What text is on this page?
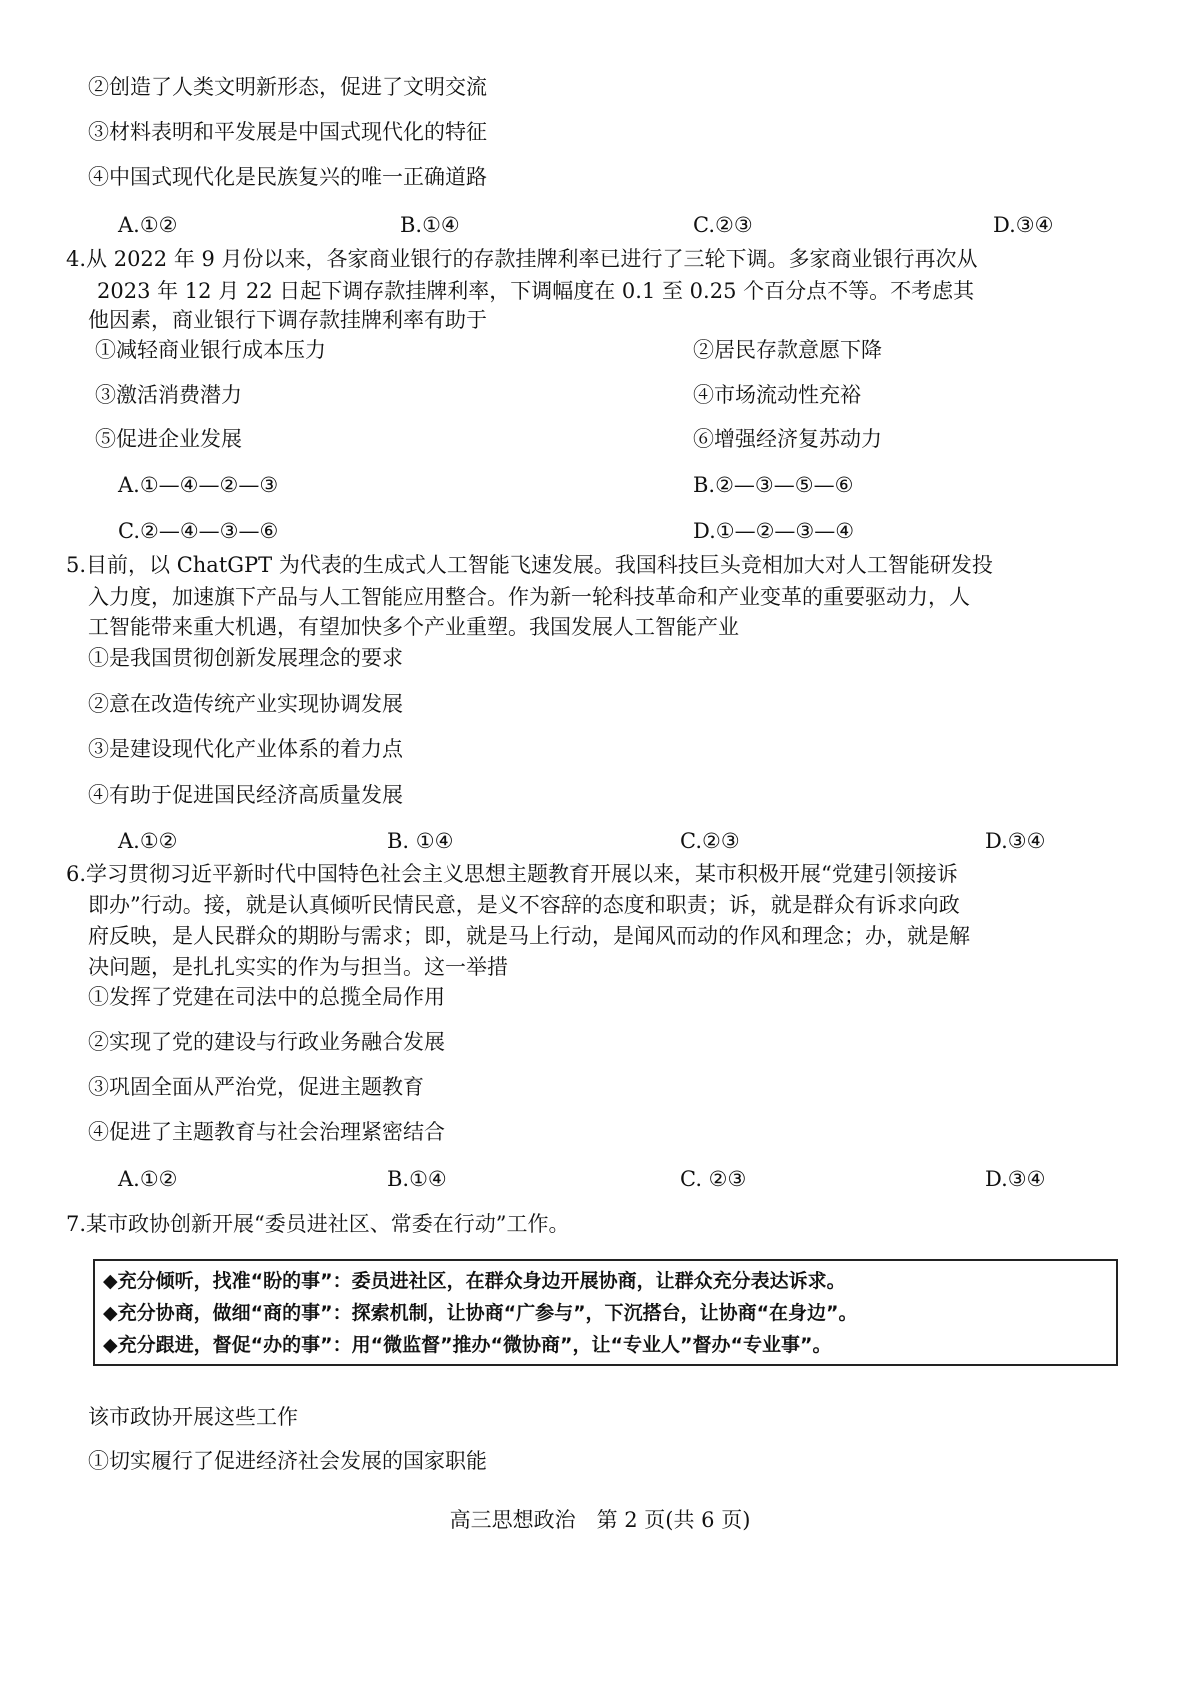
②创造了人类文明新形态，促进了文明交流
③材料表明和平发展是中国式现代化的特征
④中国式现代化是民族复兴的唯一正确道路
A.①②	B.①④	C.②③	D.③④
4.从 2022 年 9 月份以来，各家商业银行的存款挂牌利率已进行了三轮下调。多家商业银行再次从
2023 年 12 月 22 日起下调存款挂牌利率，下调幅度在 0.1 至 0.25 个百分点不等。不考虑其
他因素，商业银行下调存款挂牌利率有助于
①减轻商业银行成本压力	②居民存款意愿下降
③激活消费潜力	④市场流动性充裕
⑤促进企业发展	⑥增强经济复苏动力
A.①—④—②—③	B.②—③—⑤—⑥
C.②—④—③—⑥	D.①—②—③—④
5.目前，以 ChatGPT 为代表的生成式人工智能飞速发展。我国科技巨头竞相加大对人工智能研发投
入力度，加速旗下产品与人工智能应用整合。作为新一轮科技革命和产业变革的重要驱动力，人
工智能带来重大机遇，有望加快多个产业重塑。我国发展人工智能产业
①是我国贯彻创新发展理念的要求
②意在改造传统产业实现协调发展
③是建设现代化产业体系的着力点
④有助于促进国民经济高质量发展
A.①②	B. ①④	C.②③	D.③④
6.学习贯彻习近平新时代中国特色社会主义思想主题教育开展以来，某市积极开展“党建引领接诉
即办”行动。接，就是认真倾听民情民意，是义不容辞的态度和职责；诉，就是群众有诉求向政
府反映，是人民群众的期盼与需求；即，就是马上行动，是闻风而动的作风和理念；办，就是解
决问题，是扎扎实实的作为与担当。这一举措
①发挥了党建在司法中的总揽全局作用
②实现了党的建设与行政业务融合发展
③巩固全面从严治党，促进主题教育
④促进了主题教育与社会治理紧密结合
A.①②	B.①④	C. ②③	D.③④
7.某市政协创新开展“委员进社区、常委在行动”工作。
◆充分倾听，找准“盼的事”：委员进社区，在群众身边开展协商，让群众充分表达诉求。
◆充分协商，做细“商的事”：探索机制，让协商“广参与”，下沉搭台，让协商“在身边”。
◆充分跟进，督促“办的事”：用“微监督”推办“微协商”，让“专业人”督办“专业事”。
该市政协开展这些工作
①切实履行了促进经济社会发展的国家职能
高三思想政治　第 2 页(共 6 页)
